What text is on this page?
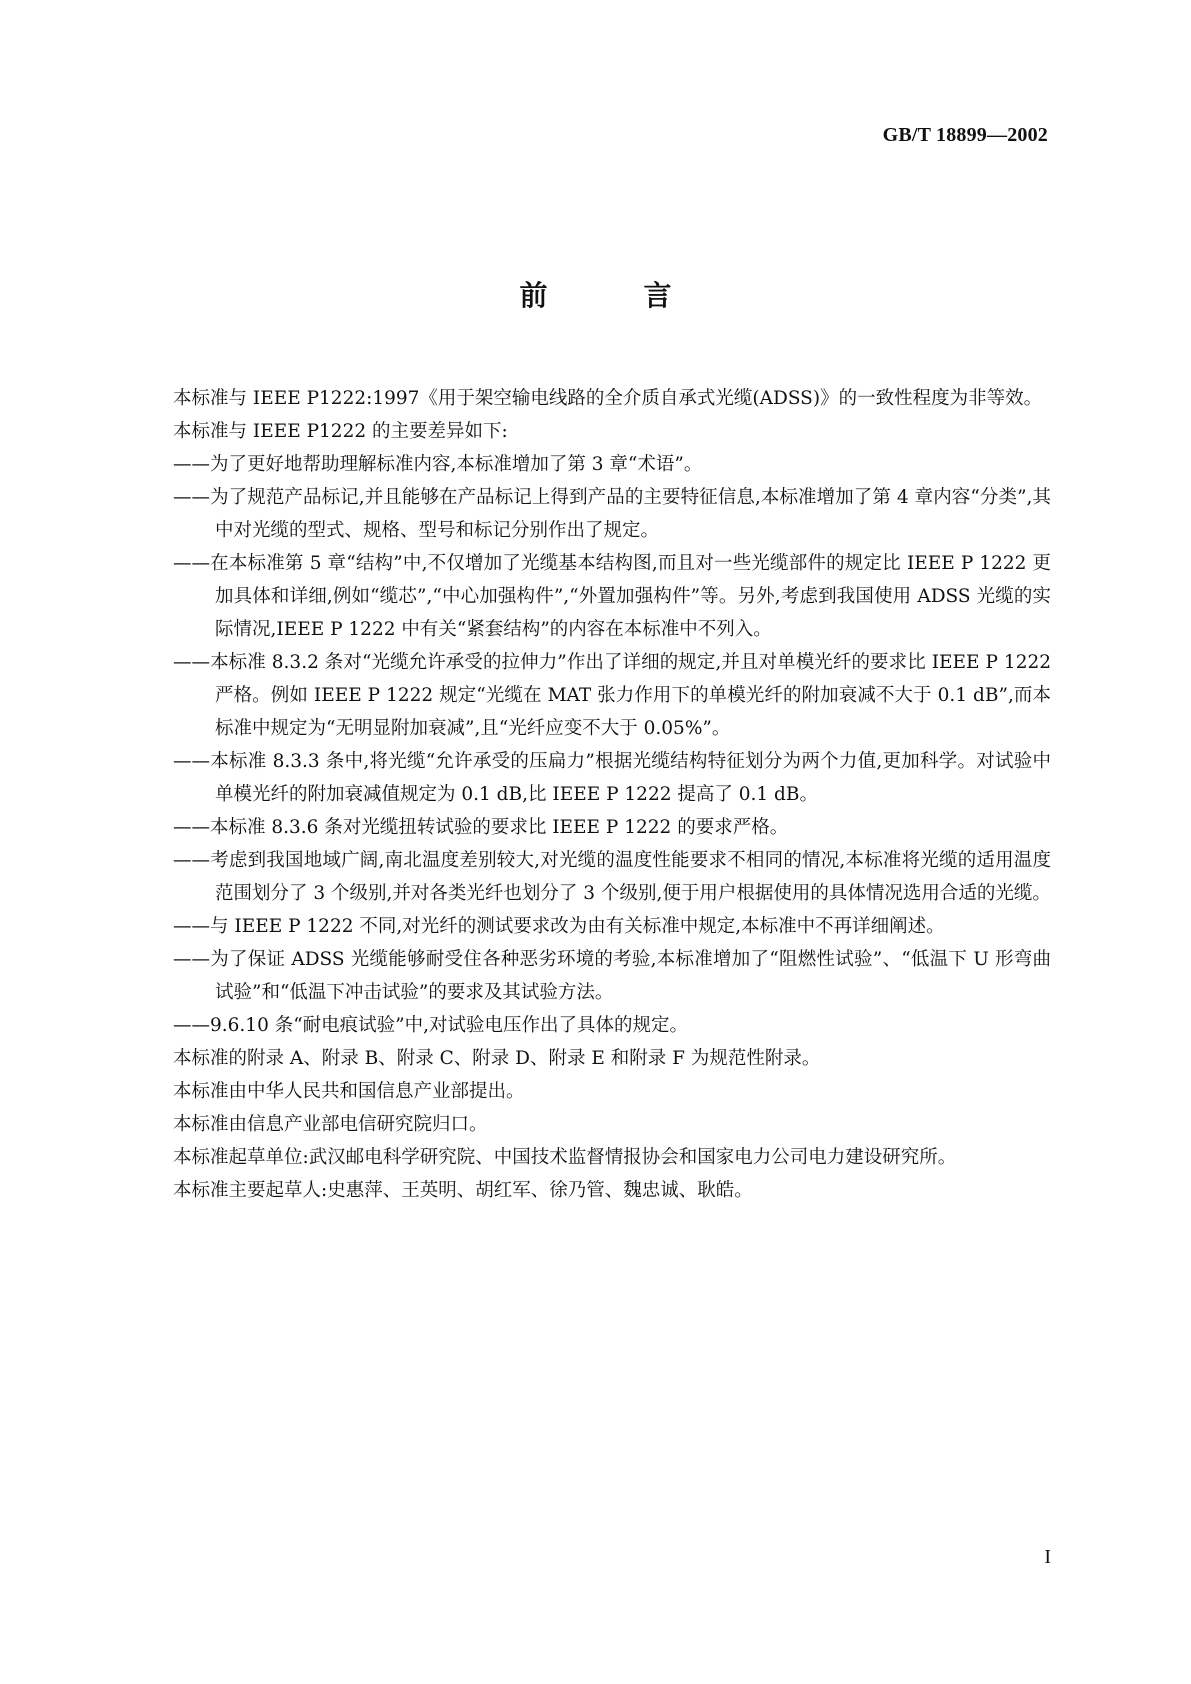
GB/T 18899—2002
前　言

本标准与 IEEE P1222:1997《用于架空输电线路的全介质自承式光缆(ADSS)》的一致性程度为非等效。

本标准与 IEEE P1222 的主要差异如下:

——为了更好地帮助理解标准内容,本标准增加了第 3 章“术语”。

——为了规范产品标记,并且能够在产品标记上得到产品的主要特征信息,本标准增加了第 4 章内容“分类”,其中对光缆的型式、规格、型号和标记分别作出了规定。

——在本标准第 5 章“结构”中,不仅增加了光缆基本结构图,而且对一些光缆部件的规定比 IEEE P 1222 更加具体和详细,例如“缆芯”,“中心加强构件”,“外置加强构件”等。另外,考虑到我国使用 ADSS 光缆的实际情况,IEEE P 1222 中有关“紧套结构”的内容在本标准中不列入。

——本标准 8.3.2 条对“光缆允许承受的拉伸力”作出了详细的规定,并且对单模光纤的要求比 IEEE P 1222 严格。例如 IEEE P 1222 规定“光缆在 MAT 张力作用下的单模光纤的附加衰减不大于 0.1 dB”,而本标准中规定为“无明显附加衰减”,且“光纤应变不大于 0.05%”。

——本标准 8.3.3 条中,将光缆“允许承受的压扁力”根据光缆结构特征划分为两个力值,更加科学。对试验中单模光纤的附加衰减值规定为 0.1 dB,比 IEEE P 1222 提高了 0.1 dB。

——本标准 8.3.6 条对光缆扭转试验的要求比 IEEE P 1222 的要求严格。

——考虑到我国地域广阔,南北温度差别较大,对光缆的温度性能要求不相同的情况,本标准将光缆的适用温度范围划分了 3 个级别,并对各类光纤也划分了 3 个级别,便于用户根据使用的具体情况选用合适的光缆。

——与 IEEE P 1222 不同,对光纤的测试要求改为由有关标准中规定,本标准中不再详细阐述。

——为了保证 ADSS 光缆能够耐受住各种恶劣环境的考验,本标准增加了“阻燃性试验”、“低温下 U 形弯曲试验”和“低温下冲击试验”的要求及其试验方法。

——9.6.10 条“耐电痕试验”中,对试验电压作出了具体的规定。

本标准的附录 A、附录 B、附录 C、附录 D、附录 E 和附录 F 为规范性附录。

本标准由中华人民共和国信息产业部提出。

本标准由信息产业部电信研究院归口。

本标准起草单位:武汉邮电科学研究院、中国技术监督情报协会和国家电力公司电力建设研究所。

本标准主要起草人:史惠萍、王英明、胡红军、徐乃管、魏忠诚、耿皓。

I
